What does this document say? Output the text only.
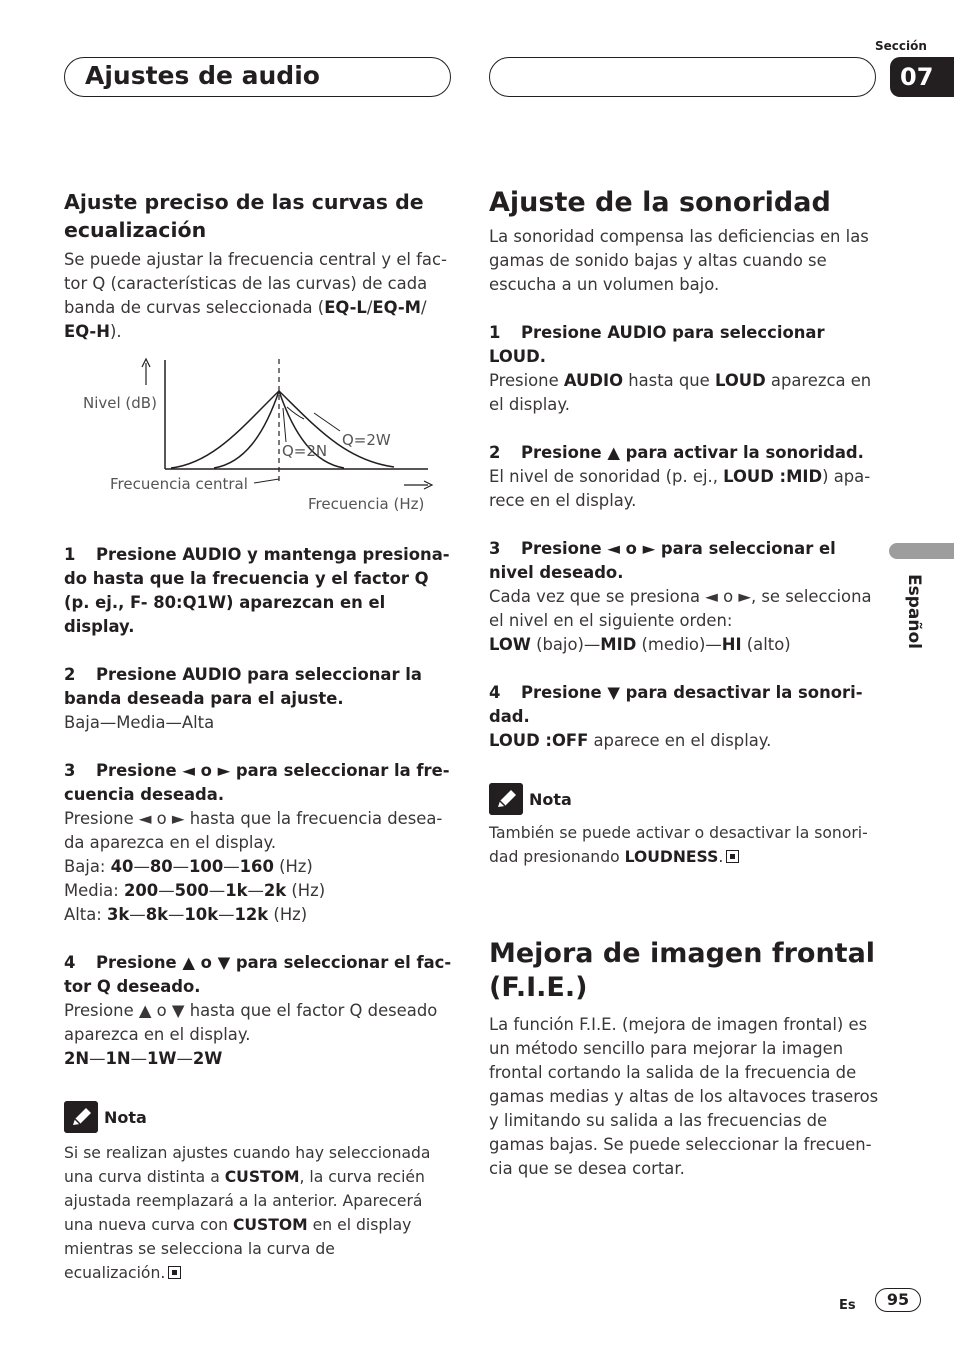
Ajustes de audio
Sección
07
Español
Ajuste preciso de las curvas de ecualización

Se puede ajustar la frecuencia central y el fac- tor Q (características de las curvas) de cada banda de curvas seleccionada (EQ-L/EQ-M/ EQ-H).

Nivel (dB)
Q=2W
Q=2N
Frecuencia central
Frecuencia (Hz)

1 Presione AUDIO y mantenga presiona- do hasta que la frecuencia y el factor Q (p. ej., F- 80:Q1W) aparezcan en el display.

2 Presione AUDIO para seleccionar la banda deseada para el ajuste.

Baja—Media—Alta

3 Presione ◄ o ► para seleccionar la fre- cuencia deseada.

Presione ◄ o ► hasta que la frecuencia desea- da aparezca en el display.

Baja: 40—80—100—160 (Hz)

Media: 200—500—1k—2k (Hz)

Alta: 3k—8k—10k—12k (Hz)

4 Presione ▲ o ▼ para seleccionar el fac- tor Q deseado.

Presione ▲ o ▼ hasta que el factor Q deseado aparezca en el display.

2N—1N—1W—2W

Nota

Si se realizan ajustes cuando hay seleccionada una curva distinta a CUSTOM, la curva recién ajustada reemplazará a la anterior. Aparecerá una nueva curva con CUSTOM en el display mientras se selecciona la curva de ecualización.

Ajuste de la sonoridad

La sonoridad compensa las deficiencias en las gamas de sonido bajas y altas cuando se escucha a un volumen bajo.

1 Presione AUDIO para seleccionar LOUD.

Presione AUDIO hasta que LOUD aparezca en el display.

2 Presione ▲ para activar la sonoridad.

El nivel de sonoridad (p. ej., LOUD :MID) apa- rece en el display.

3 Presione ◄ o ► para seleccionar el nivel deseado.

Cada vez que se presiona ◄ o ►, se selecciona el nivel en el siguiente orden:

LOW (bajo)—MID (medio)—HI (alto)

4 Presione ▼ para desactivar la sonori- dad.

LOUD :OFF aparece en el display.

Nota

También se puede activar o desactivar la sonori- dad presionando LOUDNESS.

Mejora de imagen frontal (F.I.E.)

La función F.I.E. (mejora de imagen frontal) es un método sencillo para mejorar la imagen frontal cortando la salida de la frecuencia de gamas medias y altas de los altavoces traseros y limitando su salida a las frecuencias de gamas bajas. Se puede seleccionar la frecuen- cia que se desea cortar.

Es	95
